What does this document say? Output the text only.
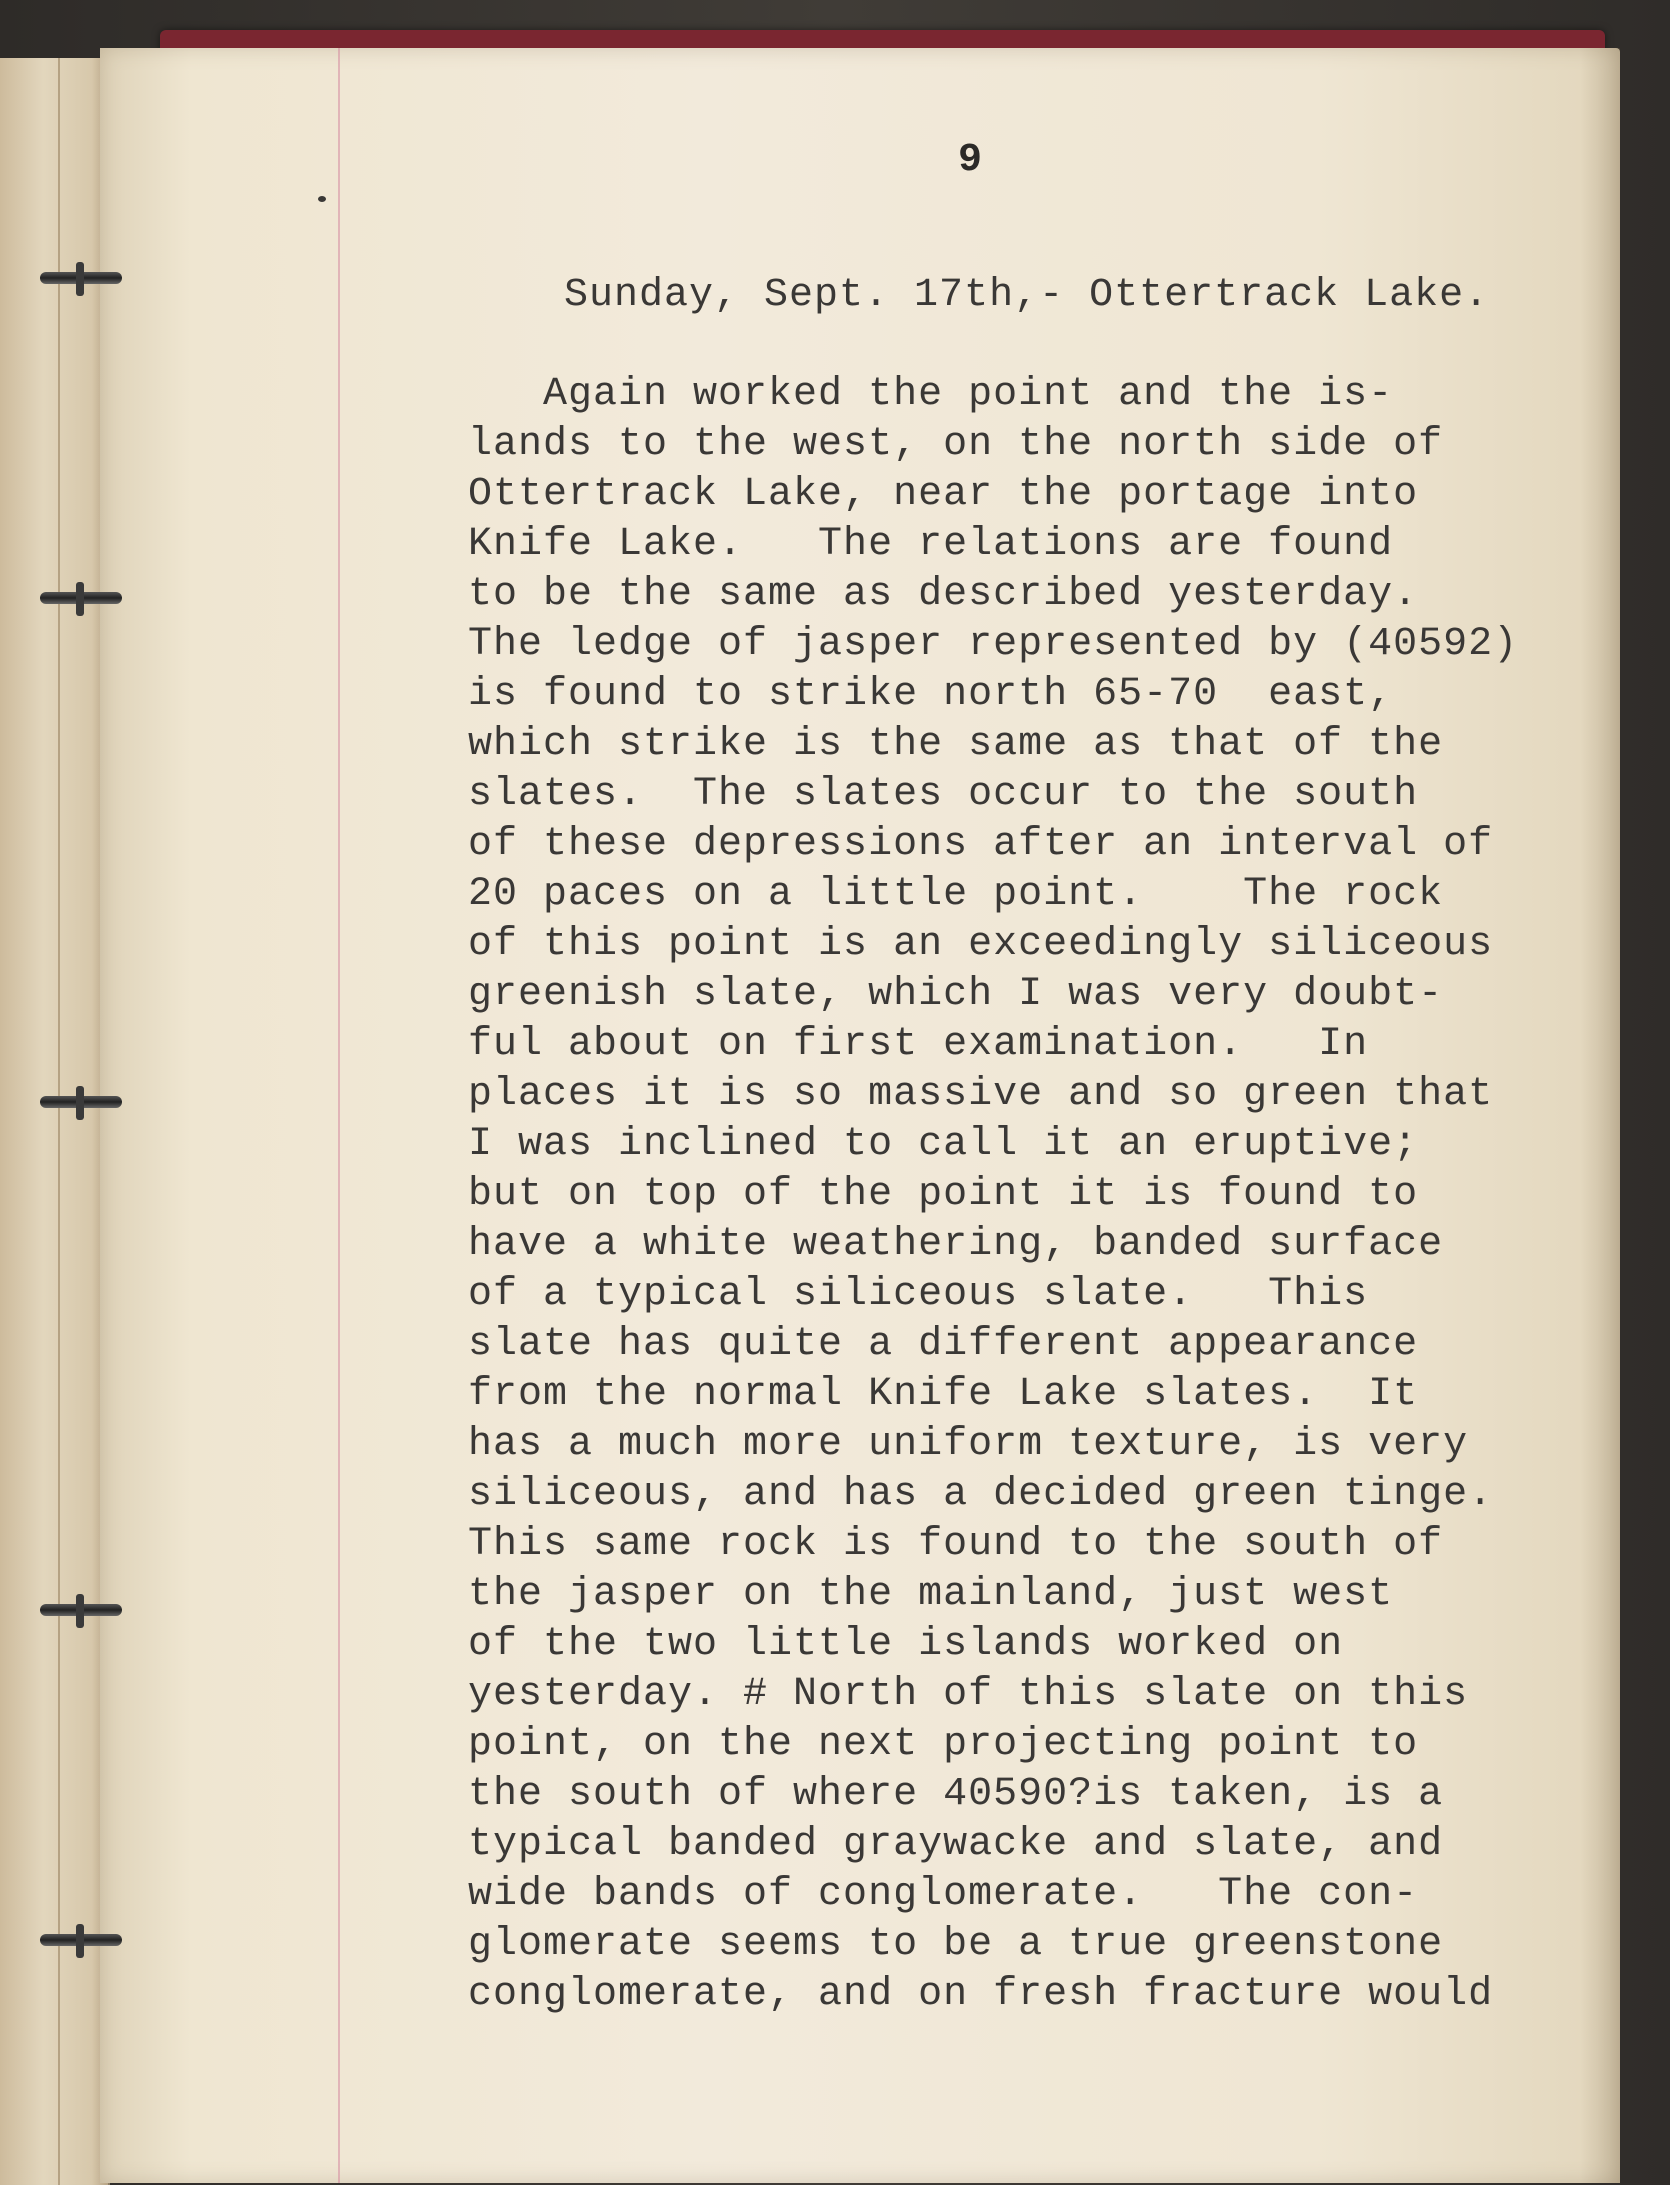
9
Sunday, Sept. 17th,- Ottertrack Lake.
Again worked the point and the is-
lands to the west, on the north side of
Ottertrack Lake, near the portage into
Knife Lake.   The relations are found
to be the same as described yesterday.
The ledge of jasper represented by (40592)
is found to strike north 65-70  east,
which strike is the same as that of the
slates.  The slates occur to the south
of these depressions after an interval of
20 paces on a little point.    The rock
of this point is an exceedingly siliceous
greenish slate, which I was very doubt-
ful about on first examination.   In
places it is so massive and so green that
I was inclined to call it an eruptive;
but on top of the point it is found to
have a white weathering, banded surface
of a typical siliceous slate.   This
slate has quite a different appearance
from the normal Knife Lake slates.  It
has a much more uniform texture, is very
siliceous, and has a decided green tinge.
This same rock is found to the south of
the jasper on the mainland, just west
of the two little islands worked on
yesterday. # North of this slate on this
point, on the next projecting point to
the south of where 40590?is taken, is a
typical banded graywacke and slate, and
wide bands of conglomerate.   The con-
glomerate seems to be a true greenstone
conglomerate, and on fresh fracture would
